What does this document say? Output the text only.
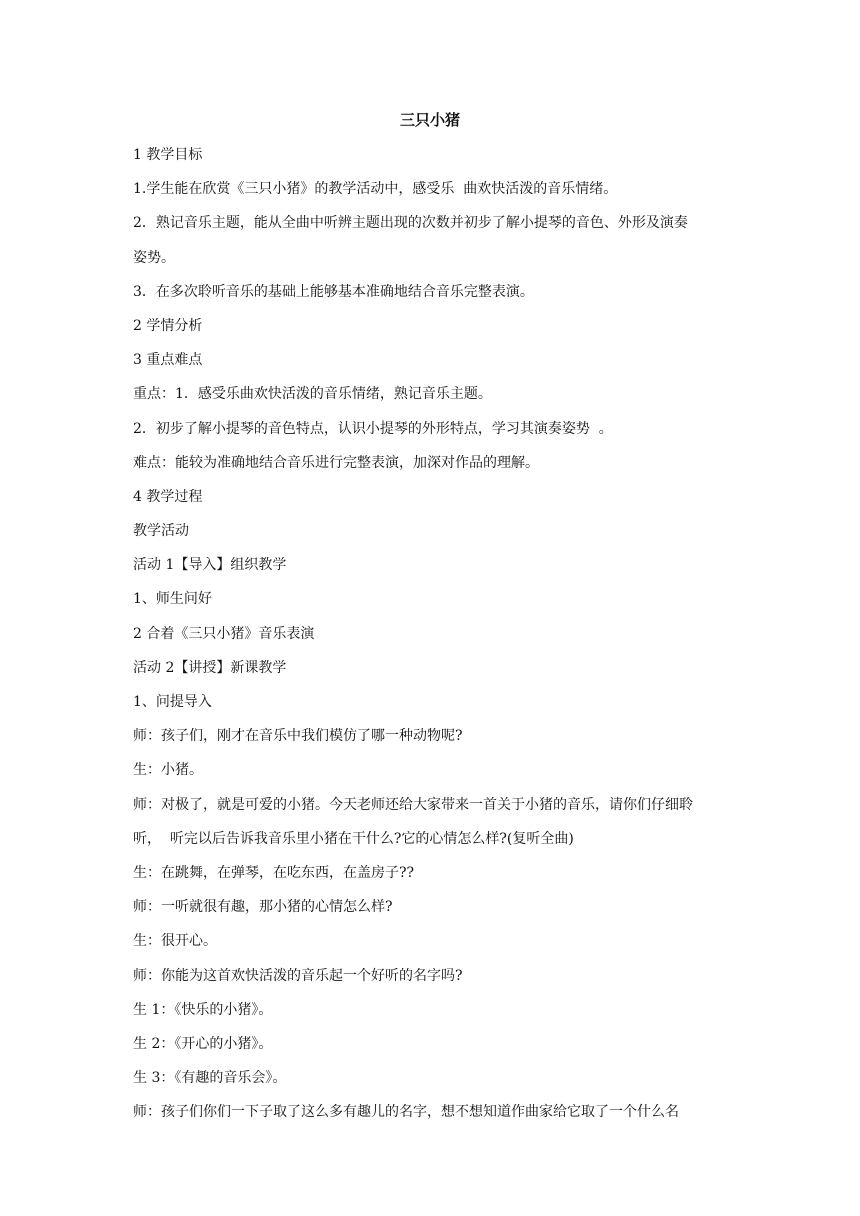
三只小猪

1 教学目标

1.学生能在欣赏《三只小猪》的教学活动中，感受乐  曲欢快活泼的音乐情绪。

2．熟记音乐主题，能从全曲中听辨主题出现的次数并初步了解小提琴的音色、外形及演奏

姿势。

3．在多次聆听音乐的基础上能够基本准确地结合音乐完整表演。

2 学情分析

3 重点难点

重点：1．感受乐曲欢快活泼的音乐情绪，熟记音乐主题。

2．初步了解小提琴的音色特点，认识小提琴的外形特点，学习其演奏姿势  。

难点：能较为准确地结合音乐进行完整表演，加深对作品的理解。

4 教学过程

教学活动

活动 1【导入】组织教学

1、师生问好

2 合着《三只小猪》音乐表演

活动 2【讲授】新课教学

1、问提导入

师：孩子们，刚才在音乐中我们模仿了哪一种动物呢?

生：小猪。

师：对极了，就是可爱的小猪。今天老师还给大家带来一首关于小猪的音乐，请你们仔细聆

听，  听完以后告诉我音乐里小猪在干什么?它的心情怎么样?(复听全曲)

生：在跳舞，在弹琴，在吃东西，在盖房子??

师：一听就很有趣，那小猪的心情怎么样?

生：很开心。

师：你能为这首欢快活泼的音乐起一个好听的名字吗?

生 1：《快乐的小猪》。

生 2：《开心的小猪》。

生 3：《有趣的音乐会》。

师：孩子们你们一下子取了这么多有趣儿的名字，想不想知道作曲家给它取了一个什么名
